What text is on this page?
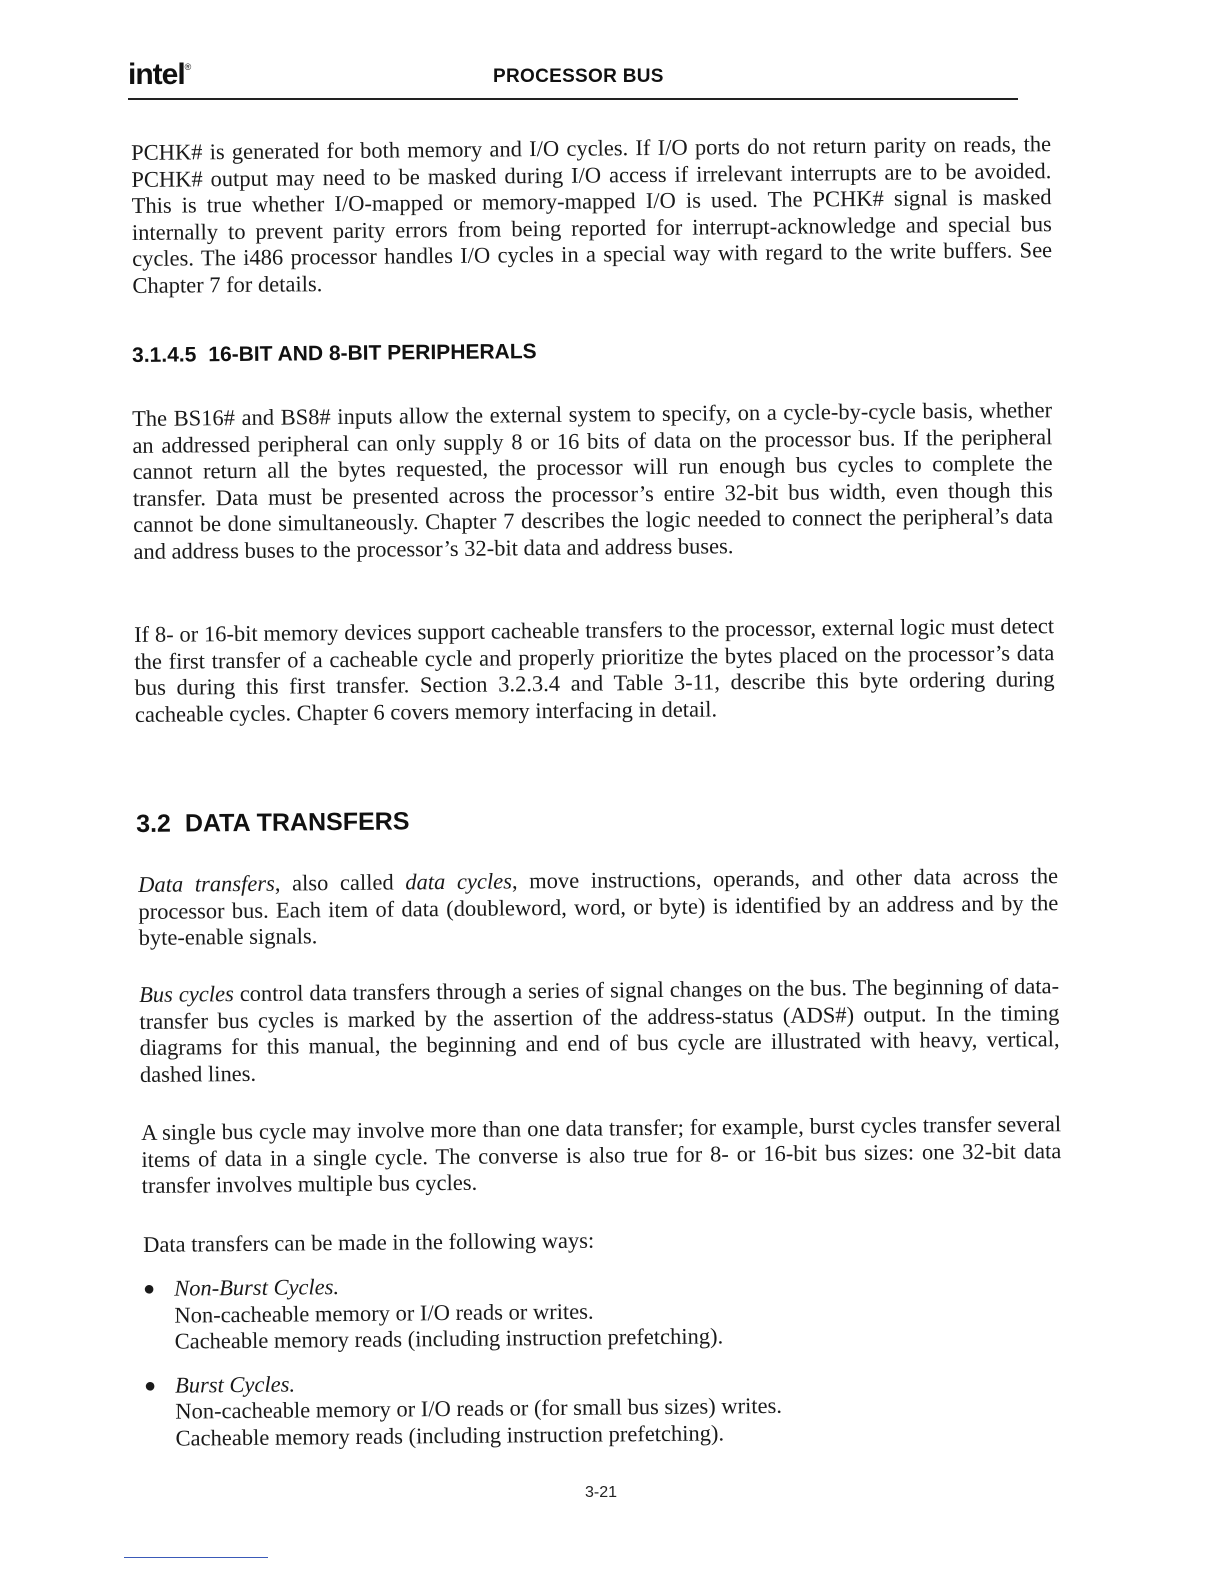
intel®	PROCESSOR BUS

PCHK# is generated for both memory and I/O cycles. If I/O ports do not return parity on reads, the PCHK# output may need to be masked during I/O access if irrelevant interrupts are to be avoided. This is true whether I/O-mapped or memory-mapped I/O is used. The PCHK# signal is masked internally to prevent parity errors from being reported for interrupt-acknowledge and special bus cycles. The i486 processor handles I/O cycles in a special way with regard to the write buffers. See Chapter 7 for details.

3.1.4.5 16-BIT AND 8-BIT PERIPHERALS

The BS16# and BS8# inputs allow the external system to specify, on a cycle-by-cycle basis, whether an addressed peripheral can only supply 8 or 16 bits of data on the processor bus. If the peripheral cannot return all the bytes requested, the processor will run enough bus cycles to complete the transfer. Data must be presented across the processor’s entire 32-bit bus width, even though this cannot be done simultaneously. Chapter 7 describes the logic needed to connect the peripheral’s data and address buses to the processor’s 32-bit data and address buses.

If 8- or 16-bit memory devices support cacheable transfers to the processor, external logic must detect the first transfer of a cacheable cycle and properly prioritize the bytes placed on the processor’s data bus during this first transfer. Section 3.2.3.4 and Table 3-11, describe this byte ordering during cacheable cycles. Chapter 6 covers memory interfacing in detail.

3.2 DATA TRANSFERS

Data transfers, also called data cycles, move instructions, operands, and other data across the processor bus. Each item of data (doubleword, word, or byte) is identified by an address and by the byte-enable signals.

Bus cycles control data transfers through a series of signal changes on the bus. The beginning of data-transfer bus cycles is marked by the assertion of the address-status (ADS#) output. In the timing diagrams for this manual, the beginning and end of bus cycle are illustrated with heavy, vertical, dashed lines.

A single bus cycle may involve more than one data transfer; for example, burst cycles transfer several items of data in a single cycle. The converse is also true for 8- or 16-bit bus sizes: one 32-bit data transfer involves multiple bus cycles.

Data transfers can be made in the following ways:

● Non-Burst Cycles.
Non-cacheable memory or I/O reads or writes.
Cacheable memory reads (including instruction prefetching).
● Burst Cycles.
Non-cacheable memory or I/O reads or (for small bus sizes) writes.
Cacheable memory reads (including instruction prefetching).
3-21
